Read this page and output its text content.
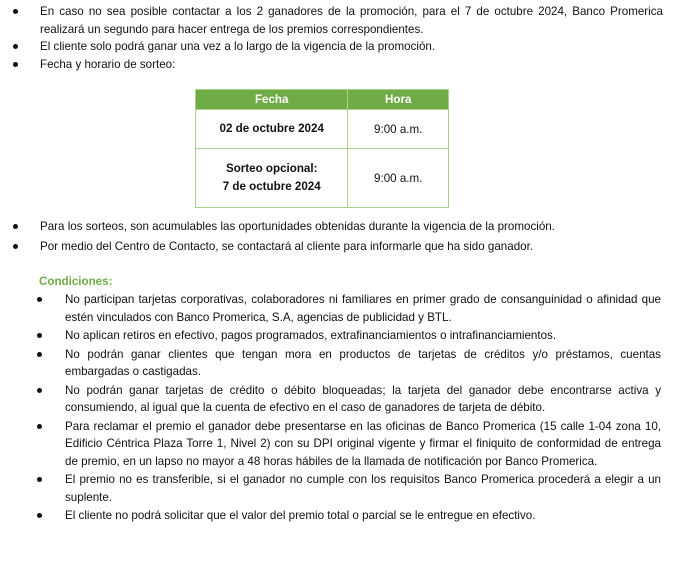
En caso no sea posible contactar a los 2 ganadores de la promoción, para el 7 de octubre 2024, Banco Promerica realizará un segundo para hacer entrega de los premios correspondientes.
El cliente solo podrá ganar una vez a lo largo de la vigencia de la promoción.
Fecha y horario de sorteo:
Fecha	Hora
02 de octubre 2024	9:00 a.m.

Sorteo opcional:
7 de octubre 2024	9:00 a.m.
Para los sorteos, son acumulables las oportunidades obtenidas durante la vigencia de la promoción.
Por medio del Centro de Contacto, se contactará al cliente para informarle que ha sido ganador.
Condiciones:
No participan tarjetas corporativas, colaboradores ni familiares en primer grado de consanguinidad o afinidad que estén vinculados con Banco Promerica, S.A, agencias de publicidad y BTL.
No aplican retiros en efectivo, pagos programados, extrafinanciamientos o intrafinanciamientos.
No podrán ganar clientes que tengan mora en productos de tarjetas de créditos y/o préstamos, cuentas embargadas o castigadas.
No podrán ganar tarjetas de crédito o débito bloqueadas; la tarjeta del ganador debe encontrarse activa y consumiendo, al igual que la cuenta de efectivo en el caso de ganadores de tarjeta de débito.
Para reclamar el premio el ganador debe presentarse en las oficinas de Banco Promerica (15 calle 1-04 zona 10, Edificio Céntrica Plaza Torre 1, Nivel 2) con su DPI original vigente y firmar el finiquito de conformidad de entrega de premio, en un lapso no mayor a 48 horas hábiles de la llamada de notificación por Banco Promerica.
El premio no es transferible, si el ganador no cumple con los requisitos Banco Promerica procederá a elegir a un suplente.
El cliente no podrá solicitar que el valor del premio total o parcial se le entregue en efectivo.
